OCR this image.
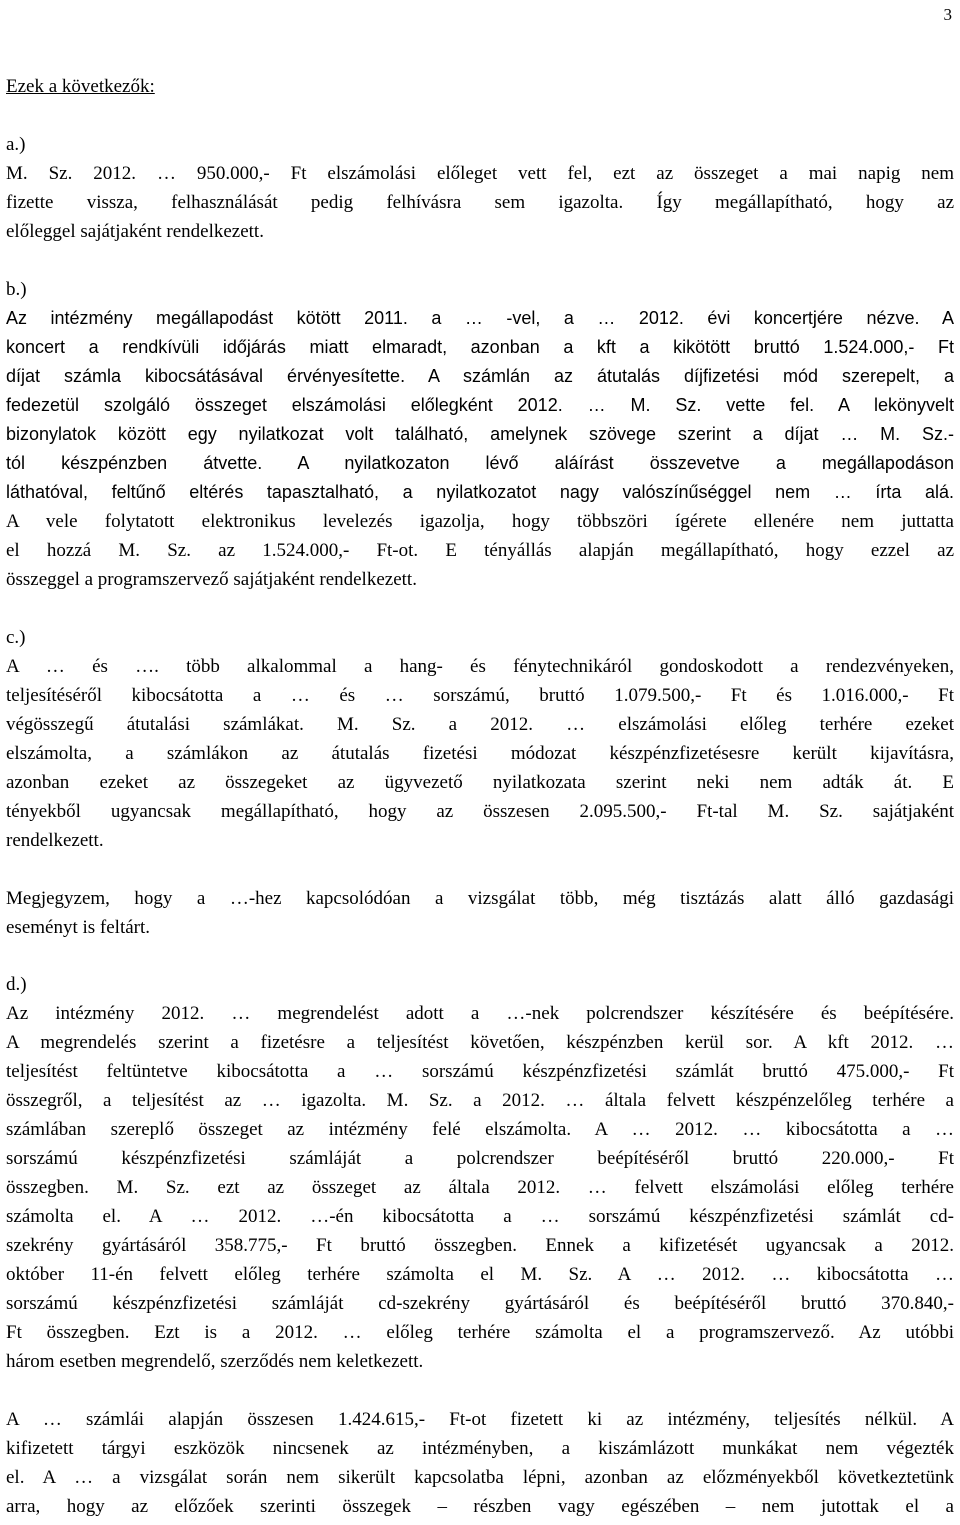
3
Ezek a következők:
a.)
M. Sz. 2012. … 950.000,- Ft elszámolási előleget vett fel, ezt az összeget a mai napig nem
fizette vissza, felhasználását pedig felhívásra sem igazolta. Így megállapítható, hogy az
előleggel sajátjaként rendelkezett.
b.)
Az intézmény megállapodást kötött 2011. a … -vel, a … 2012. évi koncertjére nézve. A
koncert a rendkívüli időjárás miatt elmaradt, azonban a kft a kikötött bruttó 1.524.000,- Ft
díjat számla kibocsátásával érvényesítette. A számlán az átutalás díjfizetési mód szerepelt, a
fedezetül szolgáló összeget elszámolási előlegként 2012. … M. Sz. vette fel. A lekönyvelt
bizonylatok között egy nyilatkozat volt található, amelynek szövege szerint a díjat … M. Sz.-
tól készpénzben átvette. A nyilatkozaton lévő aláírást összevetve a megállapodáson
láthatóval, feltűnő eltérés tapasztalható, a nyilatkozatot nagy valószínűséggel nem … írta alá.
A vele folytatott elektronikus levelezés igazolja, hogy többszöri ígérete ellenére nem juttatta
el hozzá M. Sz. az 1.524.000,- Ft-ot. E tényállás alapján megállapítható, hogy ezzel az
összeggel a programszervező sajátjaként rendelkezett.
c.)
A … és …. több alkalommal a hang- és fénytechnikáról gondoskodott a rendezvényeken,
teljesítéséről kibocsátotta a … és … sorszámú, bruttó 1.079.500,- Ft és 1.016.000,- Ft
végösszegű átutalási számlákat. M. Sz. a 2012. … elszámolási előleg terhére ezeket
elszámolta, a számlákon az átutalás fizetési módozat készpénzfizetésesre került kijavításra,
azonban ezeket az összegeket az ügyvezető nyilatkozata szerint neki nem adták át. E
tényekből ugyancsak megállapítható, hogy az összesen 2.095.500,- Ft-tal M. Sz. sajátjaként
rendelkezett.
Megjegyzem, hogy a …-hez kapcsolódóan a vizsgálat több, még tisztázás alatt álló gazdasági
eseményt is feltárt.
d.)
Az intézmény 2012. … megrendelést adott a …-nek polcrendszer készítésére és beépítésére.
A megrendelés szerint a fizetésre a teljesítést követően, készpénzben kerül sor. A kft 2012. …
teljesítést feltüntetve kibocsátotta a … sorszámú készpénzfizetési számlát bruttó 475.000,- Ft
összegről, a teljesítést az … igazolta. M. Sz. a 2012. … általa felvett készpénzelőleg terhére a
számlában szereplő összeget az intézmény felé elszámolta. A … 2012. … kibocsátotta a …
sorszámú készpénzfizetési számláját a polcrendszer beépítéséről bruttó 220.000,- Ft
összegben. M. Sz. ezt az összeget az általa 2012. … felvett elszámolási előleg terhére
számolta el. A … 2012. …-én kibocsátotta a … sorszámú készpénzfizetési számlát cd-
szekrény gyártásáról 358.775,- Ft bruttó összegben. Ennek a kifizetését ugyancsak a 2012.
október 11-én felvett előleg terhére számolta el M. Sz. A … 2012. … kibocsátotta …
sorszámú készpénzfizetési számláját cd-szekrény gyártásáról és beépítéséről bruttó 370.840,-
Ft összegben. Ezt is a 2012. … előleg terhére számolta el a programszervező. Az utóbbi
három esetben megrendelő, szerződés nem keletkezett.
A … számlái alapján összesen 1.424.615,- Ft-ot fizetett ki az intézmény, teljesítés nélkül. A
kifizetett tárgyi eszközök nincsenek az intézményben, a kiszámlázott munkákat nem végezték
el. A … a vizsgálat során nem sikerült kapcsolatba lépni, azonban az előzményekből következtetünk
arra, hogy az előzőek szerinti összegek – részben vagy egészében – nem jutottak el a
